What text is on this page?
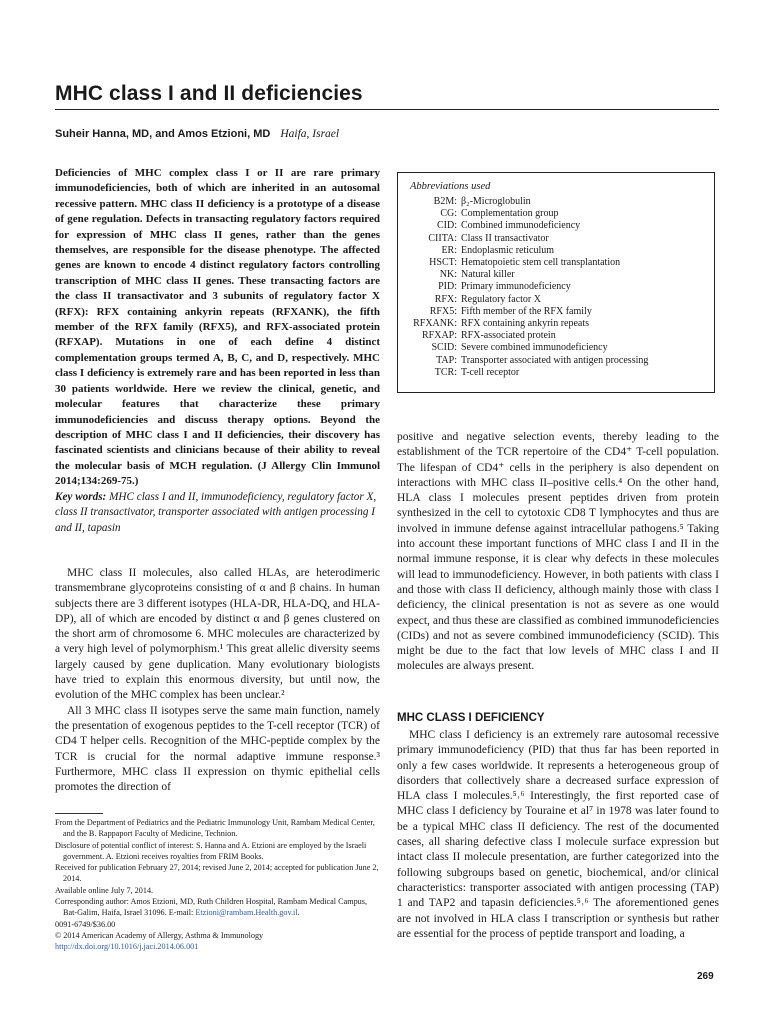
MHC class I and II deficiencies
Suheir Hanna, MD, and Amos Etzioni, MD Haifa, Israel
Deficiencies of MHC complex class I or II are rare primary immunodeficiencies, both of which are inherited in an autosomal recessive pattern. MHC class II deficiency is a prototype of a disease of gene regulation. Defects in transacting regulatory factors required for expression of MHC class II genes, rather than the genes themselves, are responsible for the disease phenotype. The affected genes are known to encode 4 distinct regulatory factors controlling transcription of MHC class II genes. These transacting factors are the class II transactivator and 3 subunits of regulatory factor X (RFX): RFX containing ankyrin repeats (RFXANK), the fifth member of the RFX family (RFX5), and RFX-associated protein (RFXAP). Mutations in one of each define 4 distinct complementation groups termed A, B, C, and D, respectively. MHC class I deficiency is extremely rare and has been reported in less than 30 patients worldwide. Here we review the clinical, genetic, and molecular features that characterize these primary immunodeficiencies and discuss therapy options. Beyond the description of MHC class I and II deficiencies, their discovery has fascinated scientists and clinicians because of their ability to reveal the molecular basis of MCH regulation. (J Allergy Clin Immunol 2014;134:269-75.)
Key words: MHC class I and II, immunodeficiency, regulatory factor X, class II transactivator, transporter associated with antigen processing I and II, tapasin

MHC class II molecules, also called HLAs, are heterodimeric transmembrane glycoproteins consisting of α and β chains. In human subjects there are 3 different isotypes (HLA-DR, HLA-DQ, and HLA-DP), all of which are encoded by distinct α and β genes clustered on the short arm of chromosome 6. MHC molecules are characterized by a very high level of polymorphism.¹ This great allelic diversity seems largely caused by gene duplication. Many evolutionary biologists have tried to explain this enormous diversity, but until now, the evolution of the MHC complex has been unclear.²

All 3 MHC class II isotypes serve the same main function, namely the presentation of exogenous peptides to the T-cell receptor (TCR) of CD4 T helper cells. Recognition of the MHC-peptide complex by the TCR is crucial for the normal adaptive immune response.³ Furthermore, MHC class II expression on thymic epithelial cells promotes the direction of

From the Department of Pediatrics and the Pediatric Immunology Unit, Rambam Medical Center, and the B. Rappaport Faculty of Medicine, Technion.

Disclosure of potential conflict of interest: S. Hanna and A. Etzioni are employed by the Israeli government. A. Etzioni receives royalties from FRIM Books.

Received for publication February 27, 2014; revised June 2, 2014; accepted for publication June 2, 2014.

Available online July 7, 2014.

Corresponding author: Amos Etzioni, MD, Ruth Children Hospital, Rambam Medical Campus, Bat-Galim, Haifa, Israel 31096. E-mail: Etzioni@rambam.Health.gov.il.

0091-6749/$36.00

© 2014 American Academy of Allergy, Asthma & Immunology

http://dx.doi.org/10.1016/j.jaci.2014.06.001

Abbreviations used
B2M: β₂-Microglobulin
CG: Complementation group
CID: Combined immunodeficiency
CIITA: Class II transactivator
ER: Endoplasmic reticulum
HSCT: Hematopoietic stem cell transplantation
NK: Natural killer
PID: Primary immunodeficiency
RFX: Regulatory factor X
RFX5: Fifth member of the RFX family
RFXANK: RFX containing ankyrin repeats
RFXAP: RFX-associated protein
SCID: Severe combined immunodeficiency
TAP: Transporter associated with antigen processing
TCR: T-cell receptor

positive and negative selection events, thereby leading to the establishment of the TCR repertoire of the CD4⁺ T-cell population. The lifespan of CD4⁺ cells in the periphery is also dependent on interactions with MHC class II–positive cells.⁴ On the other hand, HLA class I molecules present peptides driven from protein synthesized in the cell to cytotoxic CD8 T lymphocytes and thus are involved in immune defense against intracellular pathogens.⁵ Taking into account these important functions of MHC class I and II in the normal immune response, it is clear why defects in these molecules will lead to immunodeficiency. However, in both patients with class I and those with class II deficiency, although mainly those with class I deficiency, the clinical presentation is not as severe as one would expect, and thus these are classified as combined immunodeficiencies (CIDs) and not as severe combined immunodeficiency (SCID). This might be due to the fact that low levels of MHC class I and II molecules are always present.

MHC CLASS I DEFICIENCY

MHC class I deficiency is an extremely rare autosomal recessive primary immunodeficiency (PID) that thus far has been reported in only a few cases worldwide. It represents a heterogeneous group of disorders that collectively share a decreased surface expression of HLA class I molecules.⁵˒⁶ Interestingly, the first reported case of MHC class I deficiency by Touraine et al⁷ in 1978 was later found to be a typical MHC class II deficiency. The rest of the documented cases, all sharing defective class I molecule surface expression but intact class II molecule presentation, are further categorized into the following subgroups based on genetic, biochemical, and/or clinical characteristics: transporter associated with antigen processing (TAP) 1 and TAP2 and tapasin deficiencies.⁵˒⁶ The aforementioned genes are not involved in HLA class I transcription or synthesis but rather are essential for the process of peptide transport and loading, a

269
